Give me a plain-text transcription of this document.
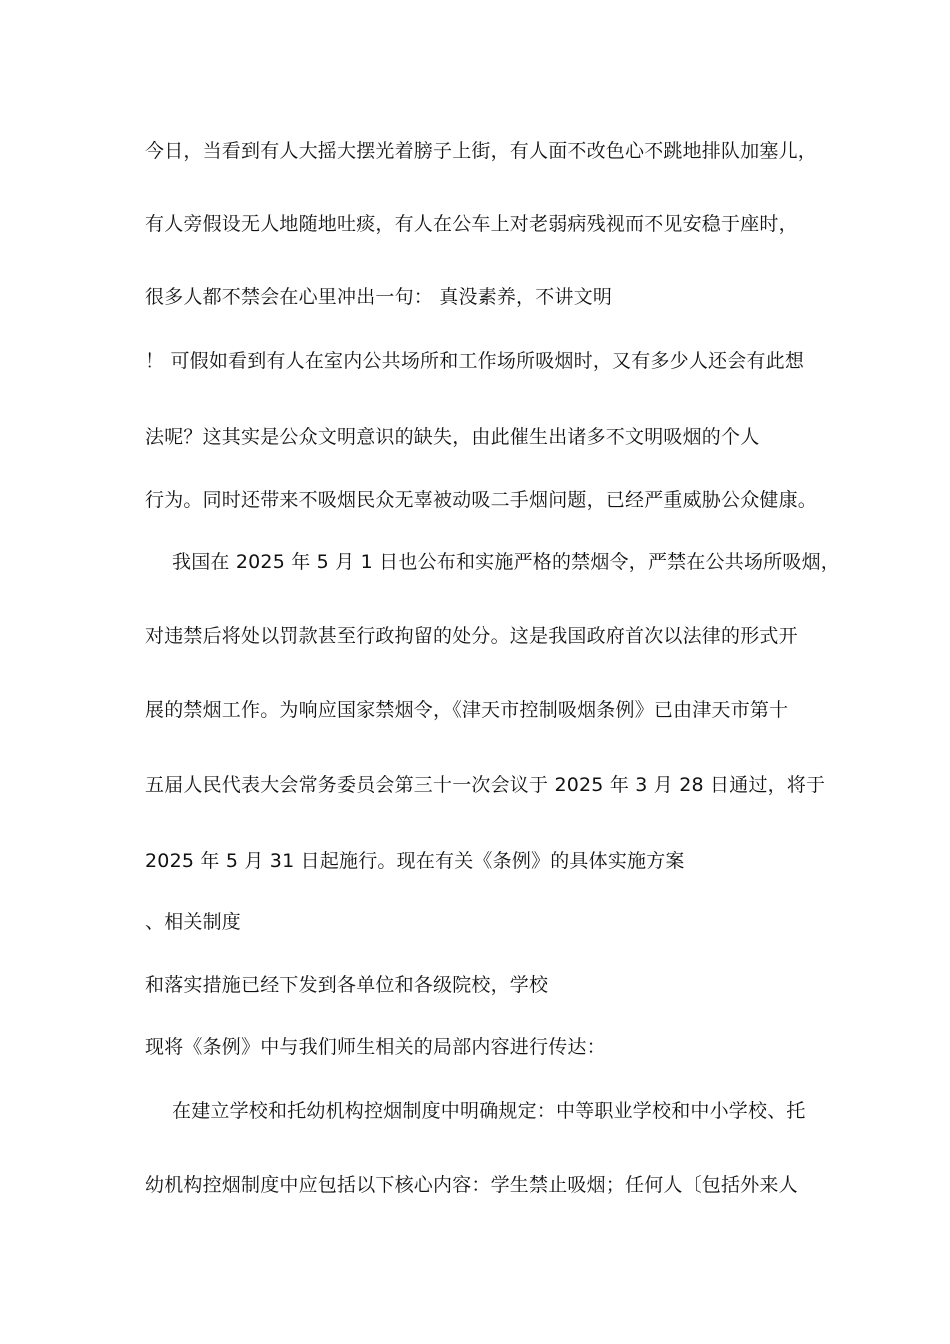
今日，当看到有人大摇大摆光着膀子上街，有人面不改色心不跳地排队加塞儿，
有人旁假设无人地随地吐痰，有人在公车上对老弱病残视而不见安稳于座时，
很多人都不禁会在心里冲出一句： 真没素养，不讲文明
！ 可假如看到有人在室内公共场所和工作场所吸烟时，又有多少人还会有此想
法呢？这其实是公众文明意识的缺失，由此催生出诸多不文明吸烟的个人
行为。同时还带来不吸烟民众无辜被动吸二手烟问题，已经严重威胁公众健康。
我国在 2025 年 5 月 1 日也公布和实施严格的禁烟令，严禁在公共场所吸烟，
对违禁后将处以罚款甚至行政拘留的处分。这是我国政府首次以法律的形式开
展的禁烟工作。为响应国家禁烟令，《津天市控制吸烟条例》已由津天市第十
五届人民代表大会常务委员会第三十一次会议于 2025 年 3 月 28 日通过，将于
2025 年 5 月 31 日起施行。现在有关《条例》的具体实施方案
、相关制度
和落实措施已经下发到各单位和各级院校，学校
现将《条例》中与我们师生相关的局部内容进行传达：
在建立学校和托幼机构控烟制度中明确规定：中等职业学校和中小学校、托
幼机构控烟制度中应包括以下核心内容：学生禁止吸烟；任何人〔包括外来人
